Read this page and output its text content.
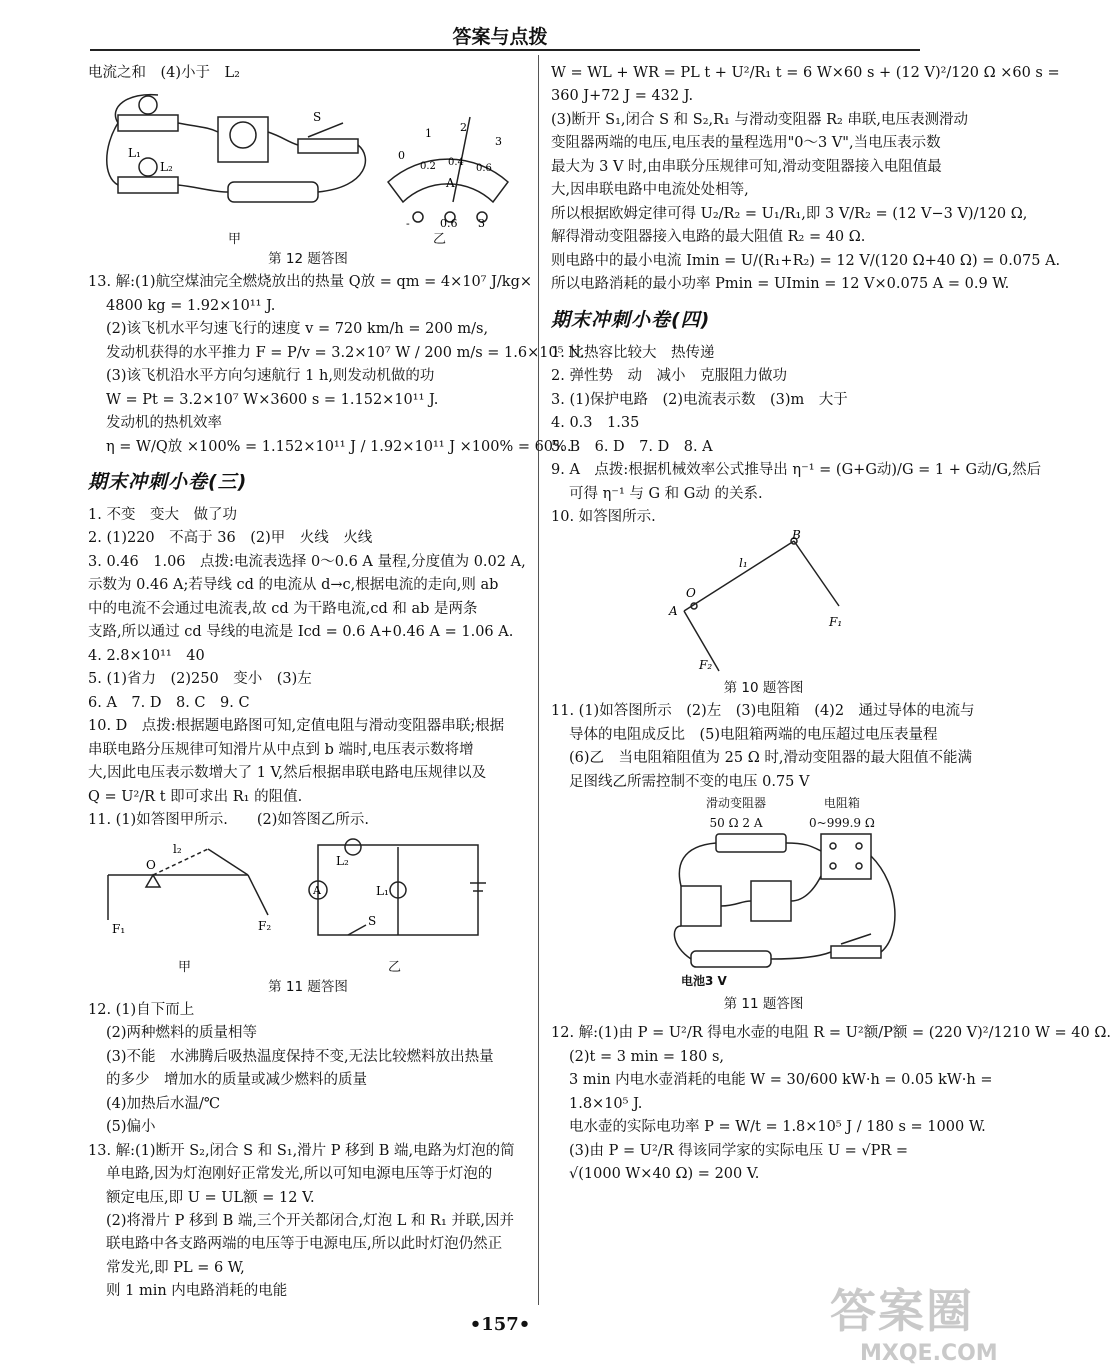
答案与点拨

电流之和　(4)小于　L₂

L₁
L₂
S
0
1	2
3
0.2 0.4
0.6
A
-	0.6 3
甲	乙
第 12 题答图

13. 解:(1)航空煤油完全燃烧放出的热量 Q放 = qm = 4×10⁷ J/kg×

4800 kg = 1.92×10¹¹ J.

(2)该飞机水平匀速飞行的速度 v = 720 km/h = 200 m/s,

发动机获得的水平推力 F = P/v = 3.2×10⁷ W / 200 m/s = 1.6×10⁵ N.

(3)该飞机沿水平方向匀速航行 1 h,则发动机做的功

W = Pt = 3.2×10⁷ W×3600 s = 1.152×10¹¹ J.

发动机的热机效率

η = W/Q放 ×100% = 1.152×10¹¹ J / 1.92×10¹¹ J ×100% = 60%.

期末冲刺小卷(三)

1. 不变　变大　做了功

2. (1)220　不高于 36　(2)甲　火线　火线

3. 0.46　1.06　点拨:电流表选择 0～0.6 A 量程,分度值为 0.02 A,

示数为 0.46 A;若导线 cd 的电流从 d→c,根据电流的走向,则 ab

中的电流不会通过电流表,故 cd 为干路电流,cd 和 ab 是两条

支路,所以通过 cd 导线的电流是 Icd = 0.6 A+0.46 A = 1.06 A.

4. 2.8×10¹¹　40

5. (1)省力　(2)250　变小　(3)左

6. A　7. D　8. C　9. C

10. D　点拨:根据题电路图可知,定值电阻与滑动变阻器串联;根据

串联电路分压规律可知滑片从中点到 b 端时,电压表示数将增

大,因此电压表示数增大了 1 V,然后根据串联电路电压规律以及

Q = U²/R t 即可求出 R₁ 的阻值.

11. (1)如答图甲所示.　　(2)如答图乙所示.

O
l₂
F₁	F₂
L₂
L₁
A
S
甲	乙
第 11 题答图

12. (1)自下而上

(2)两种燃料的质量相等

(3)不能　水沸腾后吸热温度保持不变,无法比较燃料放出热量

的多少　增加水的质量或减少燃料的质量

(4)加热后水温/℃

(5)偏小

13. 解:(1)断开 S₂,闭合 S 和 S₁,滑片 P 移到 B 端,电路为灯泡的简

单电路,因为灯泡刚好正常发光,所以可知电源电压等于灯泡的

额定电压,即 U = UL额 = 12 V.

(2)将滑片 P 移到 B 端,三个开关都闭合,灯泡 L 和 R₁ 并联,因并

联电路中各支路两端的电压等于电源电压,所以此时灯泡仍然正

常发光,即 PL = 6 W,

则 1 min 内电路消耗的电能

W = WL + WR = PL t + U²/R₁ t = 6 W×60 s + (12 V)²/120 Ω ×60 s =

360 J+72 J = 432 J.

(3)断开 S₁,闭合 S 和 S₂,R₁ 与滑动变阻器 R₂ 串联,电压表测滑动

变阻器两端的电压,电压表的量程选用"0～3 V",当电压表示数

最大为 3 V 时,由串联分压规律可知,滑动变阻器接入电阻值最

大,因串联电路中电流处处相等,

所以根据欧姆定律可得 U₂/R₂ = U₁/R₁,即 3 V/R₂ = (12 V−3 V)/120 Ω,

解得滑动变阻器接入电路的最大阻值 R₂ = 40 Ω.

则电路中的最小电流 Imin = U/(R₁+R₂) = 12 V/(120 Ω+40 Ω) = 0.075 A.

所以电路消耗的最小功率 Pmin = UImin = 12 V×0.075 A = 0.9 W.

期末冲刺小卷(四)

1. 比热容比较大　热传递

2. 弹性势　动　减小　克服阻力做功

3. (1)保护电路　(2)电流表示数　(3)m　大于

4. 0.3　1.35

5. B　6. D　7. D　8. A

9. A　点拨:根据机械效率公式推导出 η⁻¹ = (G+G动)/G = 1 + G动/G,然后

可得 η⁻¹ 与 G 和 G动 的关系.

10. 如答图所示.

A
B
O
l₁
F₁
F₂
第 10 题答图

11. (1)如答图所示　(2)左　(3)电阻箱　(4)2　通过导体的电流与

导体的电阻成反比　(5)电阻箱两端的电压超过电压表量程

(6)乙　当电阻箱阻值为 25 Ω 时,滑动变阻器的最大阻值不能满

足图线乙所需控制不变的电压 0.75 V

滑动变阻器
50 Ω 2 A
电阻箱
0~999.9 Ω
电池3 V
第 11 题答图

12. 解:(1)由 P = U²/R 得电水壶的电阻 R = U²额/P额 = (220 V)²/1210 W = 40 Ω.

(2)t = 3 min = 180 s,

3 min 内电水壶消耗的电能 W = 30/600 kW·h = 0.05 kW·h =

1.8×10⁵ J.

电水壶的实际电功率 P = W/t = 1.8×10⁵ J / 180 s = 1000 W.

(3)由 P = U²/R 得该同学家的实际电压 U = √PR =

√(1000 W×40 Ω) = 200 V.

•157•	答案圈
MXQE.COM
